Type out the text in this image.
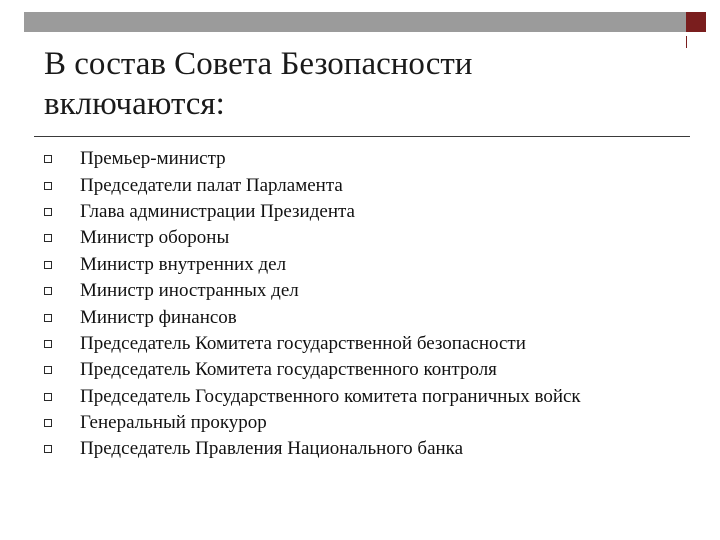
В состав Совета Безопасности
включаются:
Премьер-министр
Председатели палат Парламента
Глава администрации Президента
Министр обороны
Министр внутренних дел
Министр иностранных дел
Министр финансов
Председатель Комитета государственной безопасности
Председатель Комитета государственного контроля
Председатель Государственного комитета пограничных войск
Генеральный прокурор
Председатель Правления Национального банка
